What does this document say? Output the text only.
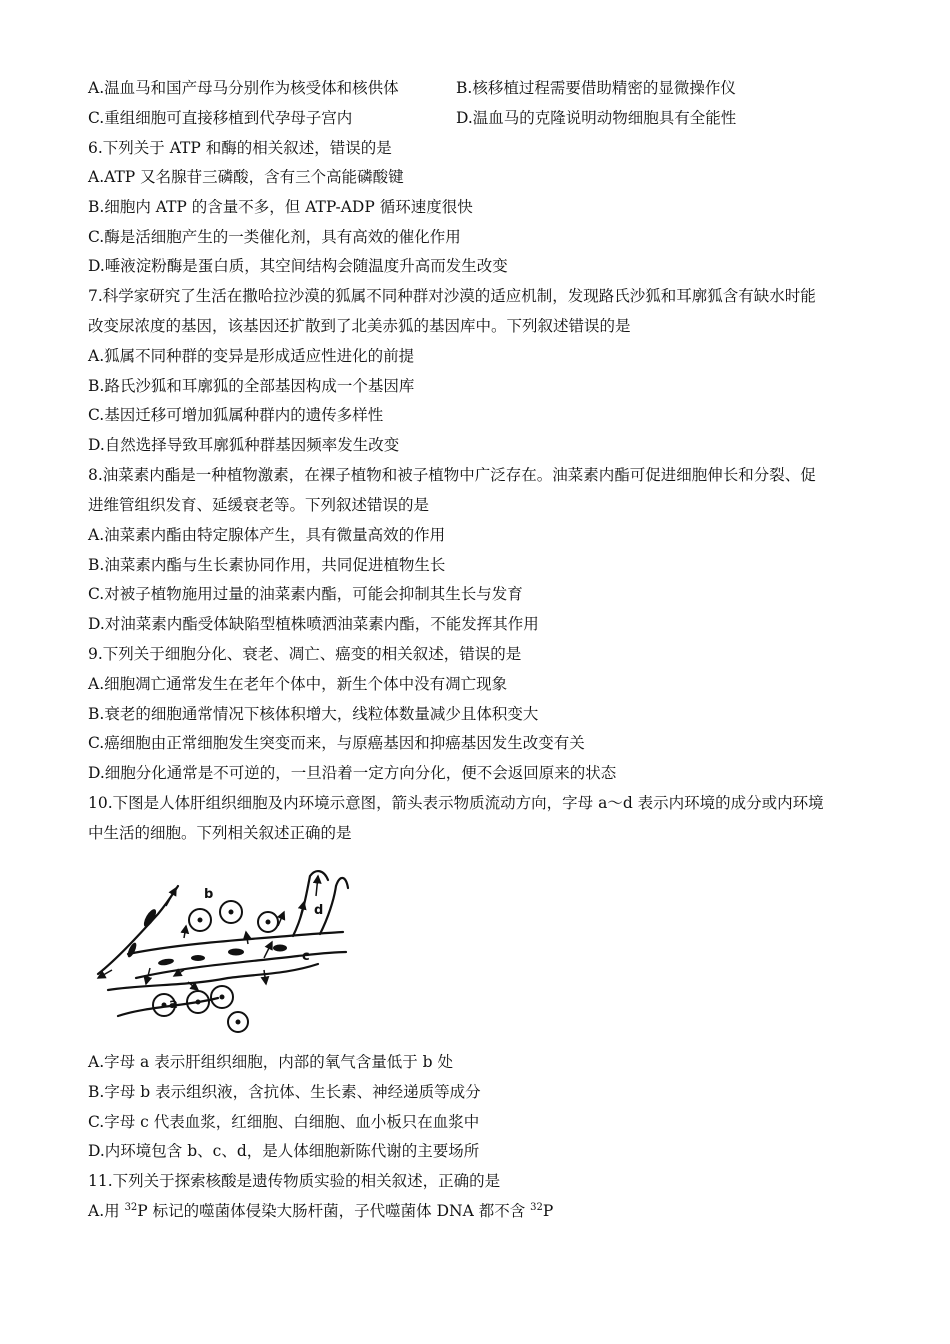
A.温血马和国产母马分别作为核受体和核供体	B.核移植过程需要借助精密的显微操作仪
C.重组细胞可直接移植到代孕母子宫内	D.温血马的克隆说明动物细胞具有全能性
6.下列关于 ATP 和酶的相关叙述，错误的是
A.ATP 又名腺苷三磷酸，含有三个高能磷酸键
B.细胞内 ATP 的含量不多，但 ATP-ADP 循环速度很快
C.酶是活细胞产生的一类催化剂，具有高效的催化作用
D.唾液淀粉酶是蛋白质，其空间结构会随温度升高而发生改变
7.科学家研究了生活在撒哈拉沙漠的狐属不同种群对沙漠的适应机制，发现路氏沙狐和耳廓狐含有缺水时能
改变尿浓度的基因，该基因还扩散到了北美赤狐的基因库中。下列叙述错误的是
A.狐属不同种群的变异是形成适应性进化的前提
B.路氏沙狐和耳廓狐的全部基因构成一个基因库
C.基因迁移可增加狐属种群内的遗传多样性
D.自然选择导致耳廓狐种群基因频率发生改变
8.油菜素内酯是一种植物激素，在裸子植物和被子植物中广泛存在。油菜素内酯可促进细胞伸长和分裂、促
进维管组织发育、延缓衰老等。下列叙述错误的是
A.油菜素内酯由特定腺体产生，具有微量高效的作用
B.油菜素内酯与生长素协同作用，共同促进植物生长
C.对被子植物施用过量的油菜素内酯，可能会抑制其生长与发育
D.对油菜素内酯受体缺陷型植株喷洒油菜素内酯，不能发挥其作用
9.下列关于细胞分化、衰老、凋亡、癌变的相关叙述，错误的是
A.细胞凋亡通常发生在老年个体中，新生个体中没有凋亡现象
B.衰老的细胞通常情况下核体积增大，线粒体数量减少且体积变大
C.癌细胞由正常细胞发生突变而来，与原癌基因和抑癌基因发生改变有关
D.细胞分化通常是不可逆的，一旦沿着一定方向分化，便不会返回原来的状态
10.下图是人体肝组织细胞及内环境示意图，箭头表示物质流动方向，字母 a～d 表示内环境的成分或内环境
中生活的细胞。下列相关叙述正确的是
a
b
c
d
A.字母 a 表示肝组织细胞，内部的氧气含量低于 b 处
B.字母 b 表示组织液，含抗体、生长素、神经递质等成分
C.字母 c 代表血浆，红细胞、白细胞、血小板只在血浆中
D.内环境包含 b、c、d，是人体细胞新陈代谢的主要场所
11.下列关于探索核酸是遗传物质实验的相关叙述，正确的是
A.用 $^{32}$P 标记的噬菌体侵染大肠杆菌，子代噬菌体 DNA 都不含 $^{32}$P
